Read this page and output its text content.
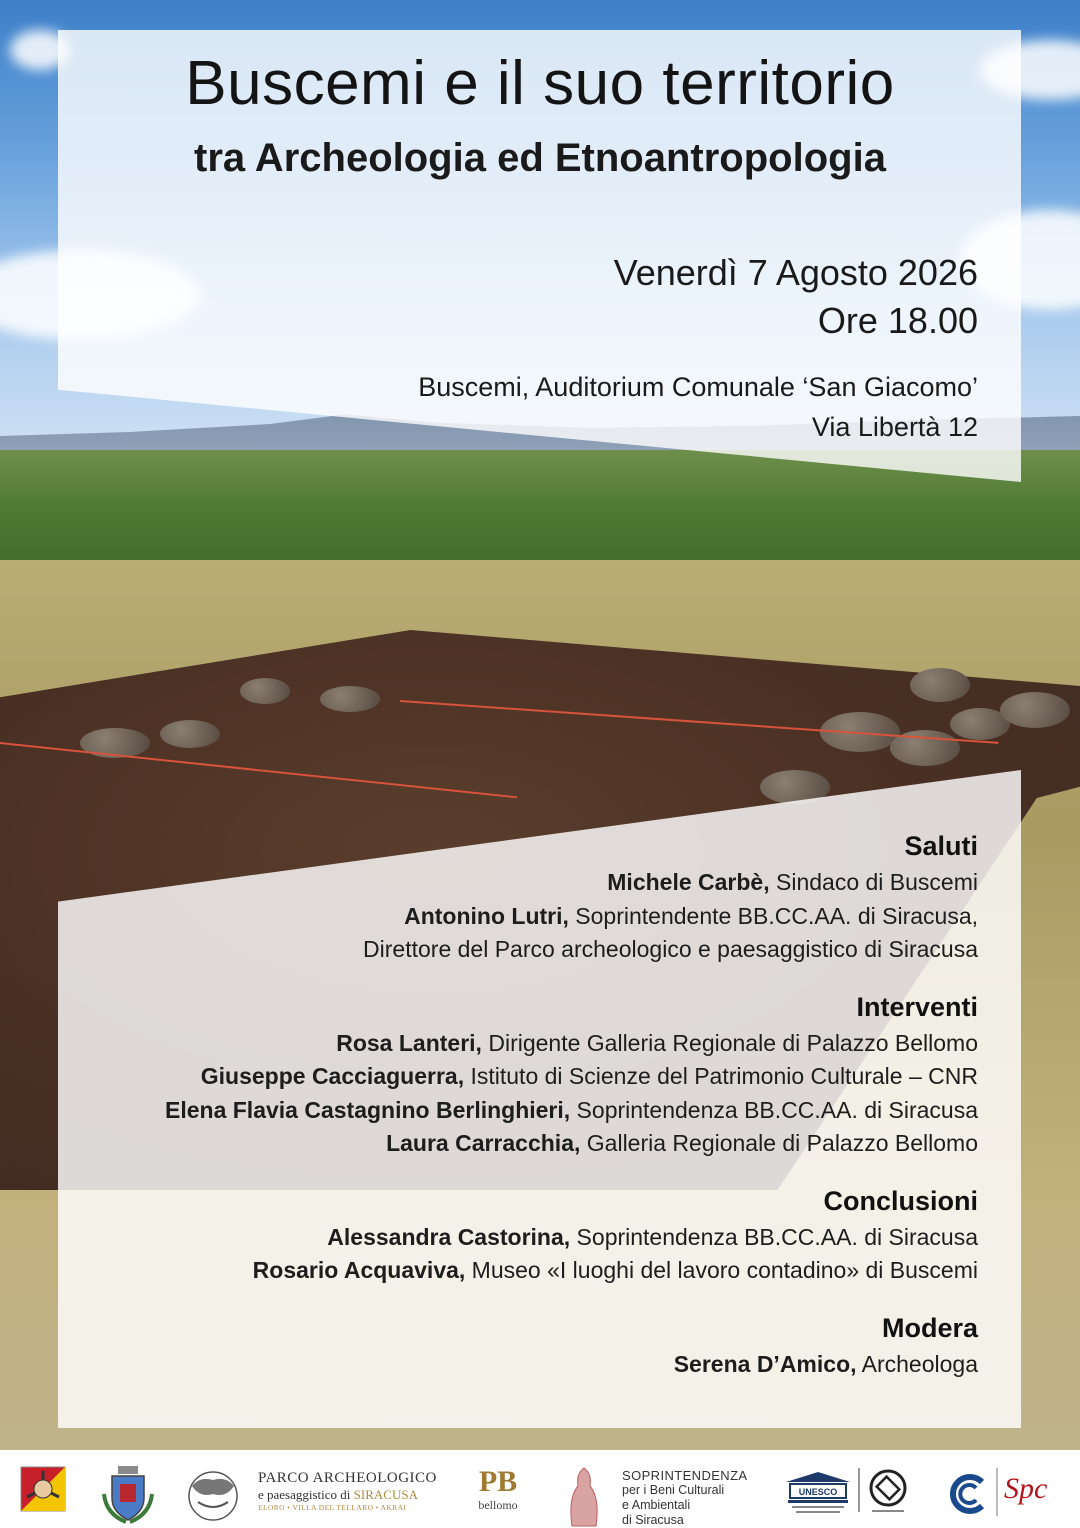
Buscemi e il suo territorio
tra Archeologia ed Etnoantropologia
Venerdì 7 Agosto 2026
Ore 18.00
Buscemi, Auditorium Comunale ‘San Giacomo’
Via Libertà 12

Saluti

Michele Carbè, Sindaco di Buscemi

Antonino Lutri, Soprintendente BB.CC.AA. di Siracusa,

Direttore del Parco archeologico e paesaggistico di Siracusa

Interventi

Rosa Lanteri, Dirigente Galleria Regionale di Palazzo Bellomo

Giuseppe Cacciaguerra, Istituto di Scienze del Patrimonio Culturale – CNR

Elena Flavia Castagnino Berlinghieri, Soprintendenza BB.CC.AA. di Siracusa

Laura Carracchia, Galleria Regionale di Palazzo Bellomo

Conclusioni

Alessandra Castorina, Soprintendenza BB.CC.AA. di Siracusa

Rosario Acquaviva, Museo «I luoghi del lavoro contadino» di Buscemi

Modera

Serena D’Amico, Archeologa

PARCO ARCHEOLOGICO
e paesaggistico di SIRACUSA
ELORO • VILLA DEL TELLARO • AKRAI
PB
bellomo
SOPRINTENDENZA
per i Beni Culturali
e Ambientali
di Siracusa
UNESCO	Spc
